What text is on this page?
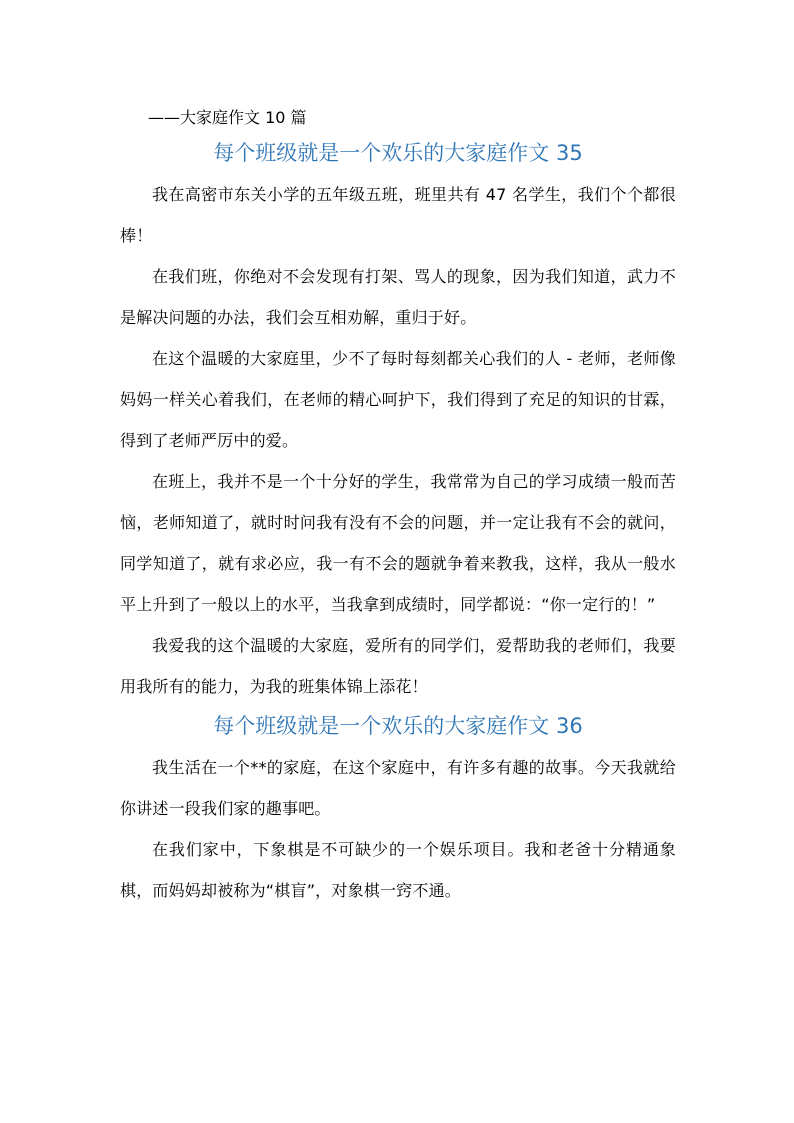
——大家庭作文 10 篇
每个班级就是一个欢乐的大家庭作文 35

我在高密市东关小学的五年级五班，班里共有 47 名学生，我们个个都很棒！

在我们班，你绝对不会发现有打架、骂人的现象，因为我们知道，武力不是解决问题的办法，我们会互相劝解，重归于好。

在这个温暖的大家庭里，少不了每时每刻都关心我们的人 - 老师，老师像妈妈一样关心着我们，在老师的精心呵护下，我们得到了充足的知识的甘霖，得到了老师严厉中的爱。

在班上，我并不是一个十分好的学生，我常常为自己的学习成绩一般而苦恼，老师知道了，就时时问我有没有不会的问题，并一定让我有不会的就问，同学知道了，就有求必应，我一有不会的题就争着来教我，这样，我从一般水平上升到了一般以上的水平，当我拿到成绩时，同学都说：“你一定行的！”

我爱我的这个温暖的大家庭，爱所有的同学们，爱帮助我的老师们，我要用我所有的能力，为我的班集体锦上添花！

每个班级就是一个欢乐的大家庭作文 36

我生活在一个**的家庭，在这个家庭中，有许多有趣的故事。今天我就给你讲述一段我们家的趣事吧。

在我们家中，下象棋是不可缺少的一个娱乐项目。我和老爸十分精通象棋，而妈妈却被称为“棋盲”，对象棋一窍不通。
